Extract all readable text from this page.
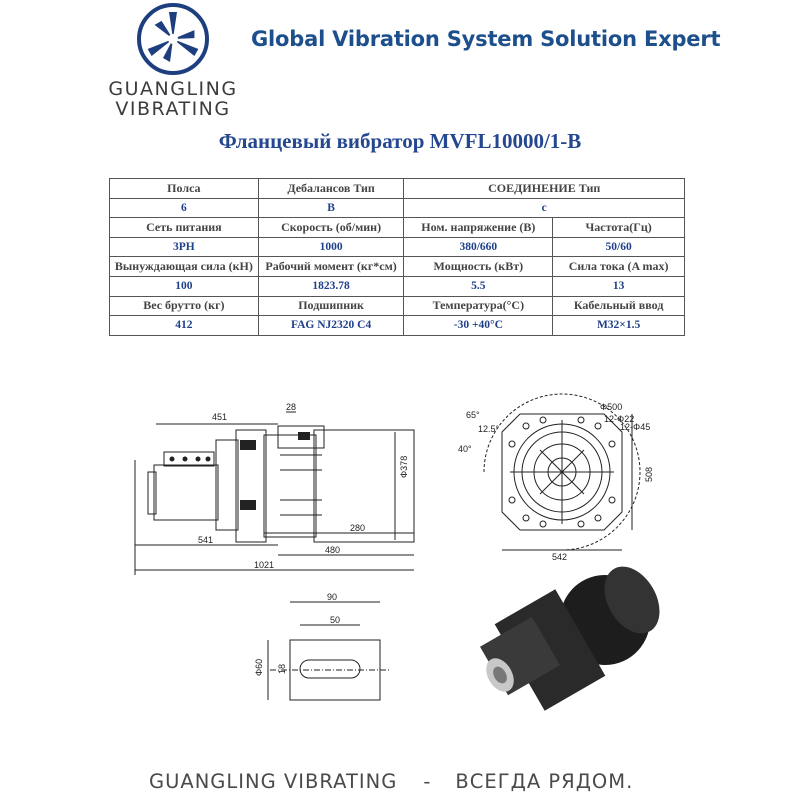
GUANGLING
VIBRATING
Global Vibration System Solution Expert
Фланцевый вибратор MVFL10000/1-B
Полса	Дебалансов Тип	СОЕДИНЕНИЕ Тип	
6	B	c	
Сеть питания	Скорость (об/мин)	Ном. напряжение (В)	Частота(Гц)
3PH	1000	380/660	50/60
Вынуждающая сила (кН)	Рабочий момент (кг*см)	Мощность (кВт)	Сила тока (A max)
100	1823.78	5.5	13
Вес брутто (кг)	Подшипник	Температура(°С)	Кабельный ввод
412	FAG NJ2320 C4	-30 +40°C	M32×1.5
451
28
Φ378
280
541
480
1021
65°
12.5°
40°
Φ500
12-Φ22
12-Φ45
508
542
90
50
Φ60 18
GUANGLING VIBRATING - ВСЕГДА РЯДОМ.
